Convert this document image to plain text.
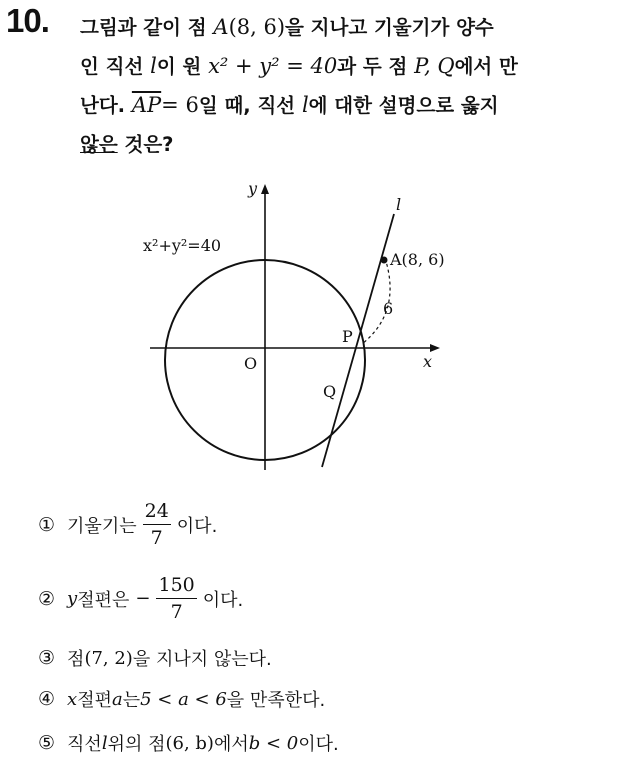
10. 그림과 같이 점 A(8, 6)을 지나고 기울기가 양수
인 직선 l이 원 x² + y² = 40과 두 점 P, Q에서 만
난다. $\overline{AP}= 6$일 때, 직선 l에 대한 설명으로 옳지
않은 것은?
y
x
l
x²+y²=40
A(8, 6)
6
P
O
Q
① 기울기는 $\frac{24}{7}$ 이다.
② y 절편은 − $\frac{150}{7}$ 이다.
③ 점 (7, 2) 을 지나지 않는다.
④ x 절편 a 는 5 < a < 6 을 만족한다.
⑤ 직선 l 위의 점 (6, b) 에서 b < 0 이다.
